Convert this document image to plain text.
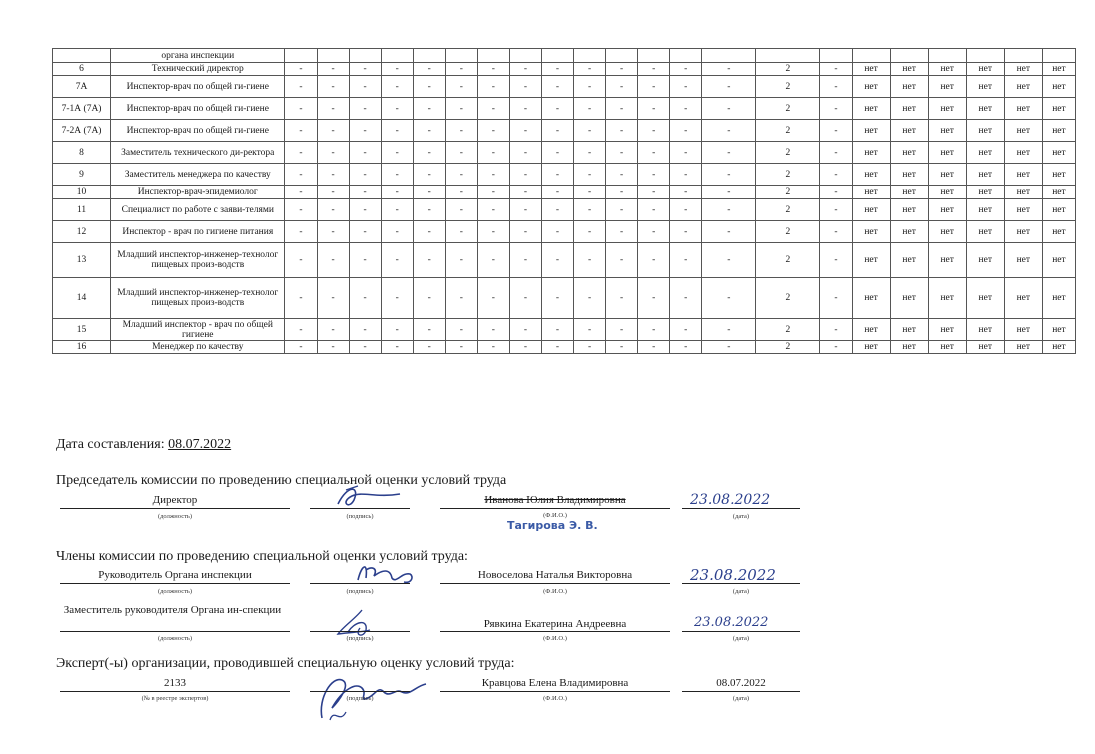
	органа инспекции																						
6	Технический директор	-	-	-	-	-	-	-	-	-	-	-	-	-	-	2	-	нет	нет	нет	нет	нет	нет
7А	Инспектор-врач по общей ги-гиене	-	-	-	-	-	-	-	-	-	-	-	-	-	-	2	-	нет	нет	нет	нет	нет	нет
7-1А (7А)	Инспектор-врач по общей ги-гиене	-	-	-	-	-	-	-	-	-	-	-	-	-	-	2	-	нет	нет	нет	нет	нет	нет
7-2А (7А)	Инспектор-врач по общей ги-гиене	-	-	-	-	-	-	-	-	-	-	-	-	-	-	2	-	нет	нет	нет	нет	нет	нет
8	Заместитель технического ди-ректора	-	-	-	-	-	-	-	-	-	-	-	-	-	-	2	-	нет	нет	нет	нет	нет	нет
9	Заместитель менеджера по качеству	-	-	-	-	-	-	-	-	-	-	-	-	-	-	2	-	нет	нет	нет	нет	нет	нет
10	Инспектор-врач-эпидемиолог	-	-	-	-	-	-	-	-	-	-	-	-	-	-	2	-	нет	нет	нет	нет	нет	нет
11	Специалист по работе с заяви-телями	-	-	-	-	-	-	-	-	-	-	-	-	-	-	2	-	нет	нет	нет	нет	нет	нет
12	Инспектор - врач по гигиене питания	-	-	-	-	-	-	-	-	-	-	-	-	-	-	2	-	нет	нет	нет	нет	нет	нет
13	Младший инспектор-инженер-технолог пищевых произ-водств	-	-	-	-	-	-	-	-	-	-	-	-	-	-	2	-	нет	нет	нет	нет	нет	нет
14	Младший инспектор-инженер-технолог пищевых произ-водств	-	-	-	-	-	-	-	-	-	-	-	-	-	-	2	-	нет	нет	нет	нет	нет	нет
15	Младший инспектор - врач по общей гигиене	-	-	-	-	-	-	-	-	-	-	-	-	-	-	2	-	нет	нет	нет	нет	нет	нет
16	Менеджер по качеству	-	-	-	-	-	-	-	-	-	-	-	-	-	-	2	-	нет	нет	нет	нет	нет	нет
Дата составления: 08.07.2022
Председатель комиссии по проведению специальной оценки условий труда
Директор
(должность)	(подпись)
Иванова Юлия Владимировна
(Ф.И.О.)
Тагирова Э. В.
23.08.2022
(дата)
Члены комиссии по проведению специальной оценки условий труда:
Руководитель Органа инспекции
(должность)	(подпись)
Новоселова Наталья Викторовна
(Ф.И.О.)
23.08.2022
(дата)
Заместитель руководителя Органа ин-спекции
(должность)	(подпись)
Рявкина Екатерина Андреевна
(Ф.И.О.)
23.08.2022
(дата)
Эксперт(-ы) организации, проводившей специальную оценку условий труда:
2133
(№ в реестре экспертов)	(подпись)
Кравцова Елена Владимировна
(Ф.И.О.)
08.07.2022
(дата)
